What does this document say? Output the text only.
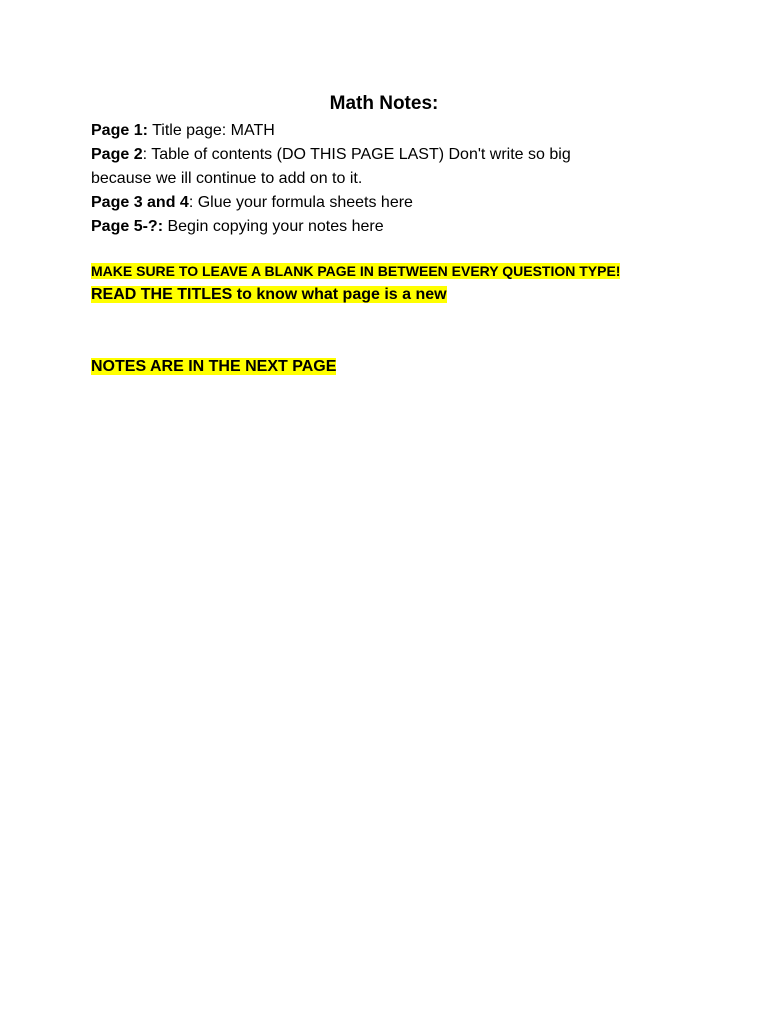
Math Notes:
Page 1: Title page: MATH
Page 2: Table of contents (DO THIS PAGE LAST) Don't write so big
because we ill continue to add on to it.
Page 3 and 4: Glue your formula sheets here
Page 5-?: Begin copying your notes here
MAKE SURE TO LEAVE A BLANK PAGE IN BETWEEN EVERY QUESTION TYPE!
READ THE TITLES to know what page is a new
NOTES ARE IN THE NEXT PAGE
